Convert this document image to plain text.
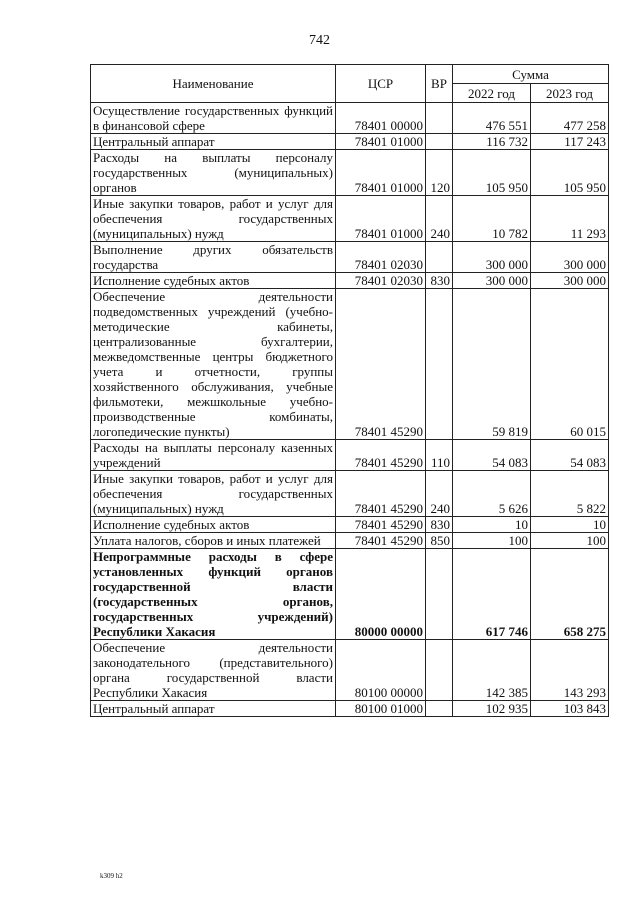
742
Наименование	ЦСР	ВР	Сумма	
			2022 год	2023 год
Осуществление государственных функций в финансовой сфере	78401 00000		476 551	477 258
Центральный аппарат	78401 01000		116 732	117 243
Расходы на выплаты персоналу государственных (муниципальных) органов	78401 01000	120	105 950	105 950
Иные закупки товаров, работ и услуг для обеспечения государственных (муниципальных) нужд	78401 01000	240	10 782	11 293
Выполнение других обязательств государства	78401 02030		300 000	300 000
Исполнение судебных актов	78401 02030	830	300 000	300 000
Обеспечение деятельности подведомственных учреждений (учебно-методические кабинеты, централизованные бухгалтерии, межведомственные центры бюджетного учета и отчетности, группы хозяйственного обслуживания, учебные фильмотеки, межшкольные учебно-производственные комбинаты, логопедические пункты)	78401 45290		59 819	60 015
Расходы на выплаты персоналу казенных учреждений	78401 45290	110	54 083	54 083
Иные закупки товаров, работ и услуг для обеспечения государственных (муниципальных) нужд	78401 45290	240	5 626	5 822
Исполнение судебных актов	78401 45290	830	10	10
Уплата налогов, сборов и иных платежей	78401 45290	850	100	100
Непрограммные расходы в сфере установленных функций органов государственной власти (государственных органов, государственных учреждений) Республики Хакасия	80000 00000		617 746	658 275
Обеспечение деятельности законодательного (представительного) органа государственной власти Республики Хакасия	80100 00000		142 385	143 293
Центральный аппарат	80100 01000		102 935	103 843
k309 h2
